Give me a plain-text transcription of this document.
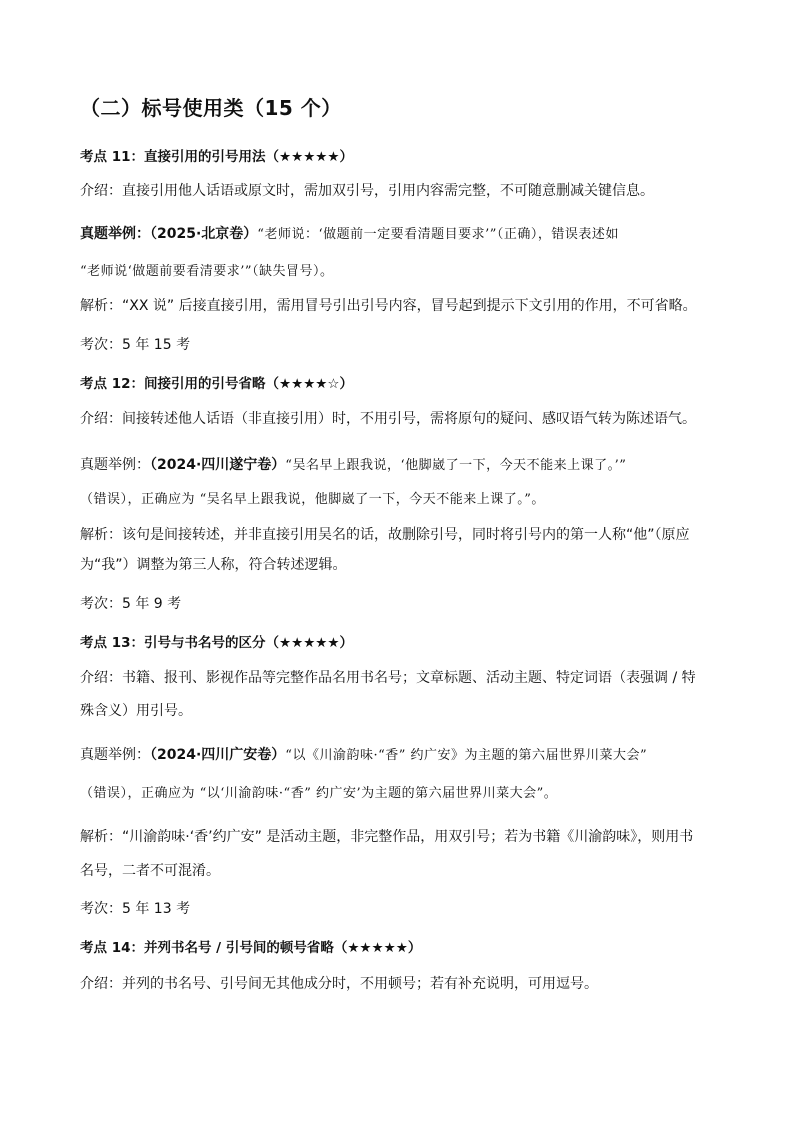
（二）标号使用类（15 个）

考点 11：直接引用的引号用法（★★★★★）

介绍：直接引用他人话语或原文时，需加双引号，引用内容需完整，不可随意删减关键信息。

真题举例：（2025·北京卷）“老师说：‘做题前一定要看清题目要求’”（正确），错误表述如

“老师说‘做题前要看清要求’”（缺失冒号）。

解析：“XX 说” 后接直接引用，需用冒号引出引号内容，冒号起到提示下文引用的作用，不可省略。

考次：5 年 15 考

考点 12：间接引用的引号省略（★★★★☆）

介绍：间接转述他人话语（非直接引用）时，不用引号，需将原句的疑问、感叹语气转为陈述语气。

真题举例：（2024·四川遂宁卷）“吴名早上跟我说，‘他脚崴了一下，今天不能来上课了。’”

（错误），正确应为 “吴名早上跟我说，他脚崴了一下，今天不能来上课了。”。

解析：该句是间接转述，并非直接引用吴名的话，故删除引号，同时将引号内的第一人称“他”（原应

为“我”）调整为第三人称，符合转述逻辑。

考次：5 年 9 考

考点 13：引号与书名号的区分（★★★★★）

介绍：书籍、报刊、影视作品等完整作品名用书名号；文章标题、活动主题、特定词语（表强调 / 特

殊含义）用引号。

真题举例：（2024·四川广安卷）“以《川渝韵味·“香” 约广安》为主题的第六届世界川菜大会”

（错误），正确应为 “以‘川渝韵味·“香” 约广安’为主题的第六届世界川菜大会”。

解析：“川渝韵味·‘香’约广安” 是活动主题，非完整作品，用双引号；若为书籍《川渝韵味》，则用书

名号，二者不可混淆。

考次：5 年 13 考

考点 14：并列书名号 / 引号间的顿号省略（★★★★★）

介绍：并列的书名号、引号间无其他成分时，不用顿号；若有补充说明，可用逗号。
